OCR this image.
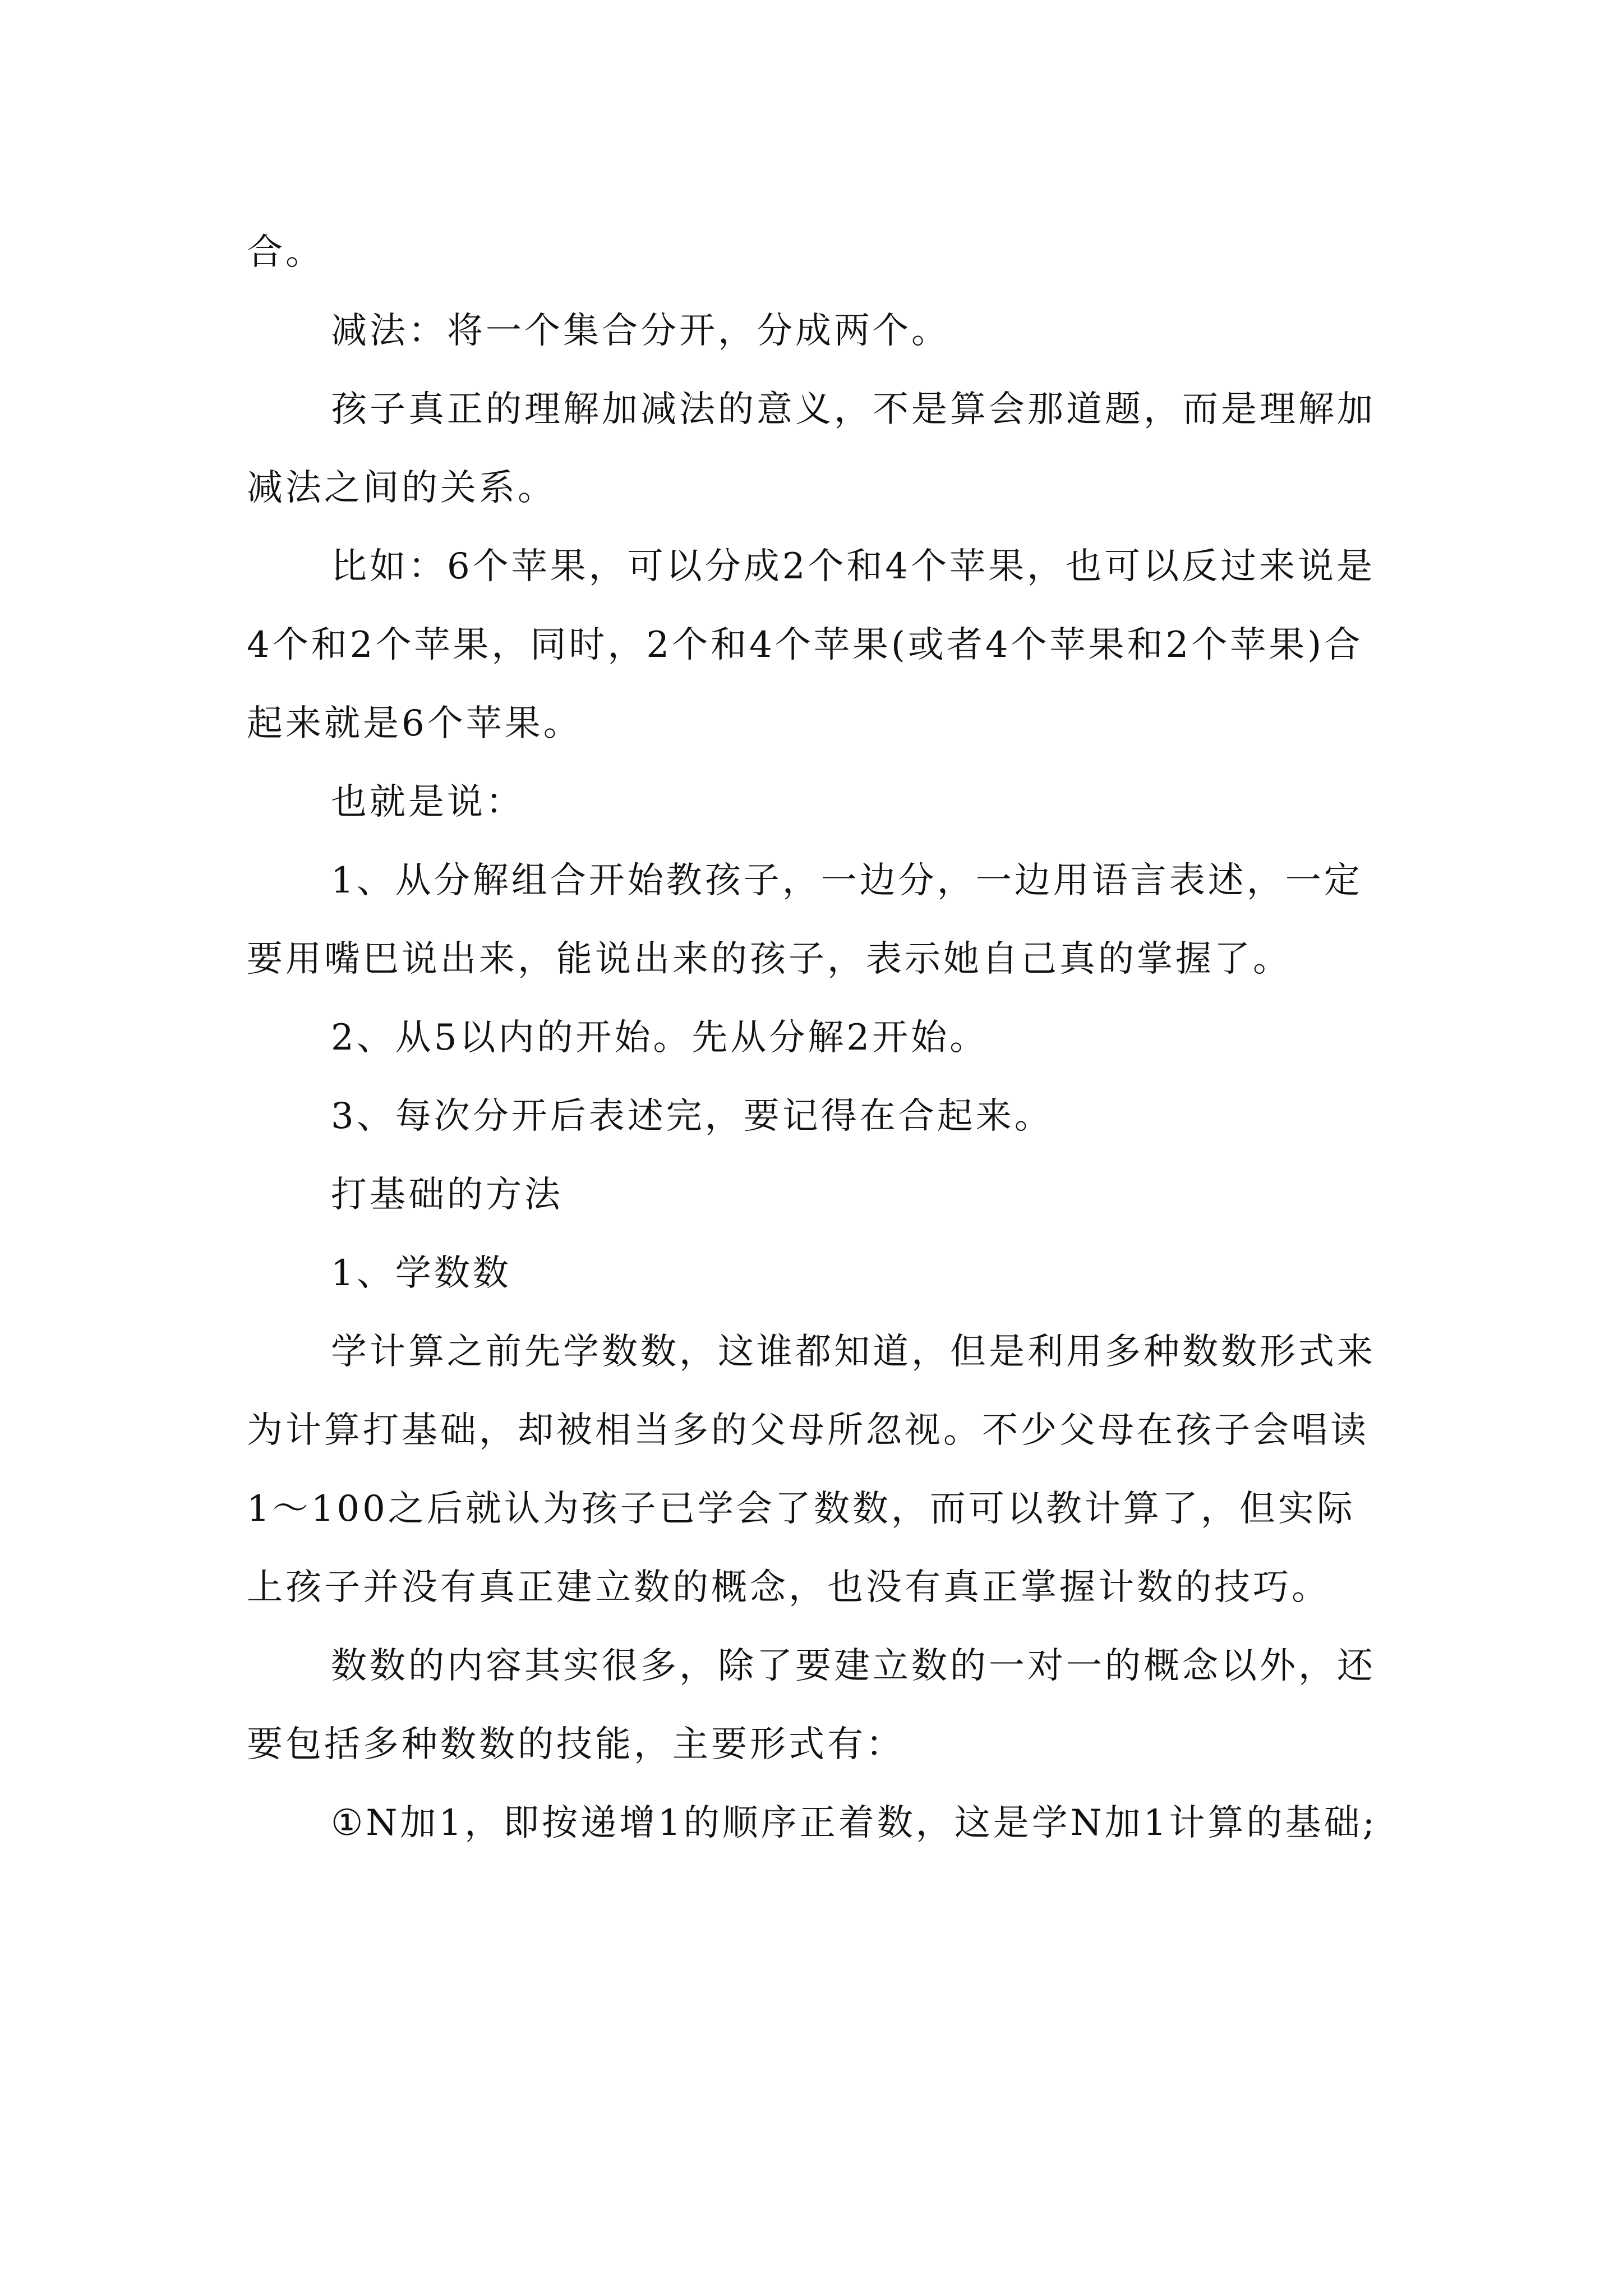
合。

减法：将一个集合分开，分成两个。

孩子真正的理解加减法的意义，不是算会那道题，而是理解加减法之间的关系。

比如：6个苹果，可以分成2个和4个苹果，也可以反过来说是4个和2个苹果，同时，2个和4个苹果(或者4个苹果和2个苹果)合起来就是6个苹果。

也就是说：

1、从分解组合开始教孩子，一边分，一边用语言表述，一定要用嘴巴说出来，能说出来的孩子，表示她自己真的掌握了。

2、从5以内的开始。先从分解2开始。

3、每次分开后表述完，要记得在合起来。

打基础的方法

1、学数数

学计算之前先学数数，这谁都知道，但是利用多种数数形式来为计算打基础，却被相当多的父母所忽视。不少父母在孩子会唱读1～100之后就认为孩子已学会了数数，而可以教计算了，但实际上孩子并没有真正建立数的概念，也没有真正掌握计数的技巧。

数数的内容其实很多，除了要建立数的一对一的概念以外，还要包括多种数数的技能，主要形式有：

①N加1，即按递增1的顺序正着数，这是学N加1计算的基础;
